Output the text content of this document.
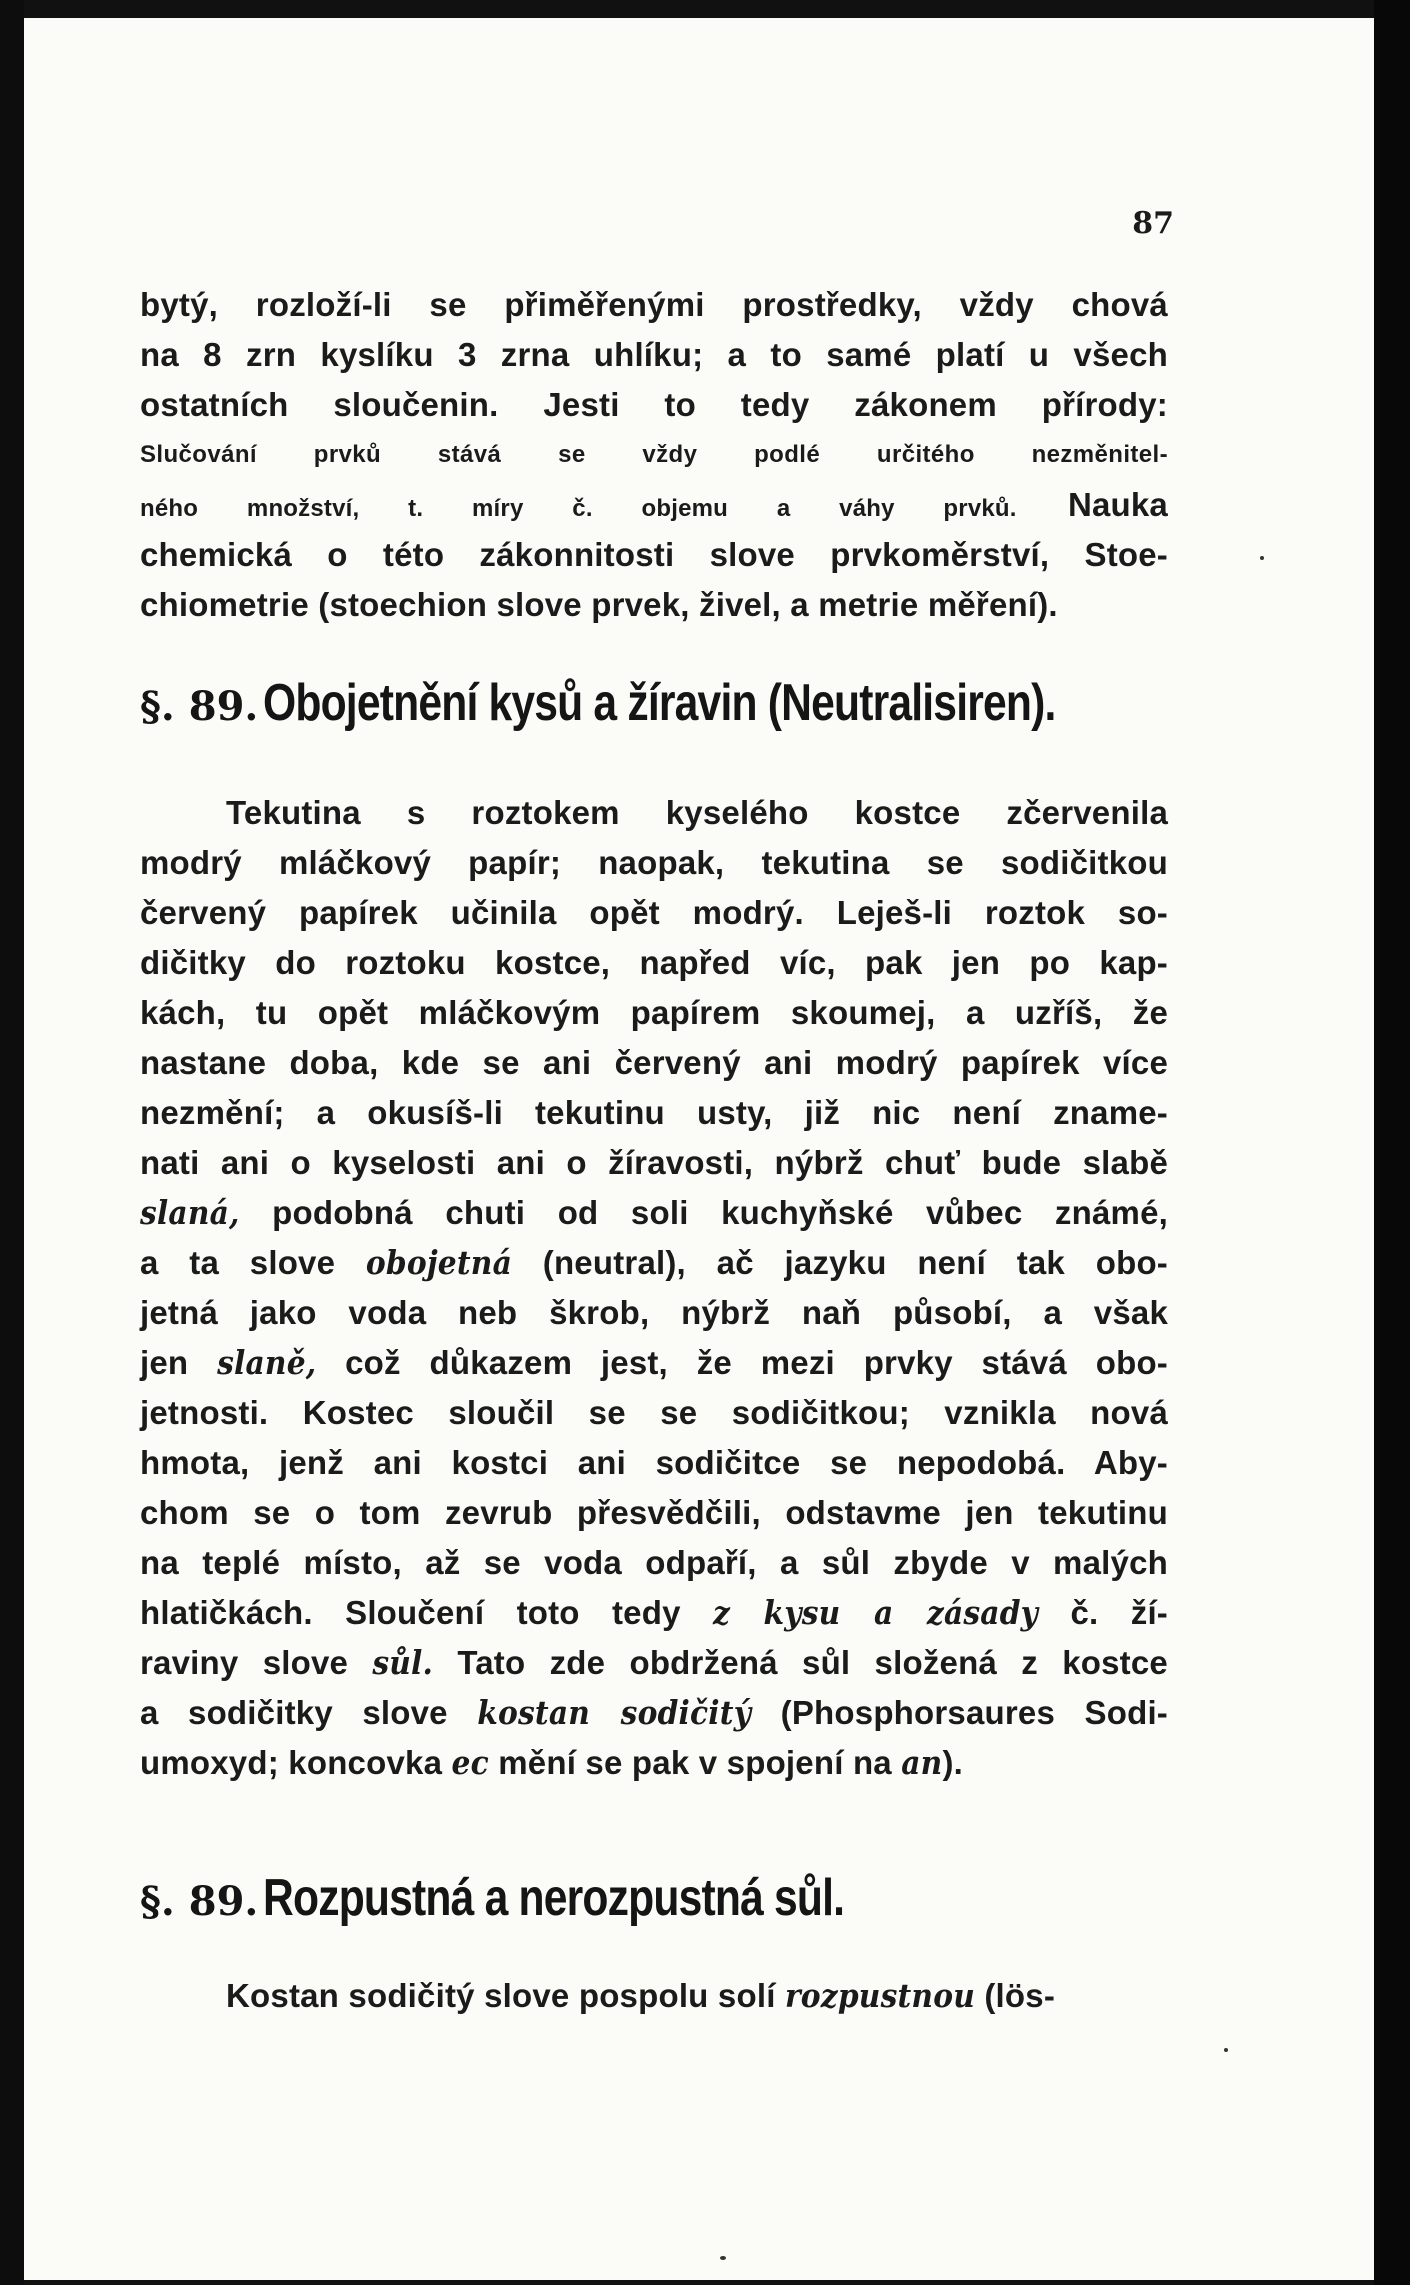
87
bytý, rozloží-li se přiměřenými prostředky, vždy chová
na 8 zrn kyslíku 3 zrna uhlíku; a to samé platí u všech
ostatních sloučenin. Jesti to tedy zákonem přírody:
Slučování prvků stává se vždy podlé určitého nezměnitel-
ného množství, t. míry č. objemu a váhy prvků. Nauka
chemická o této zákonnitosti slove prvkoměrství, Stoe-
chiometrie (stoechion slove prvek, živel, a metrie měření).
§. 89. Obojetnění kysů a žíravin (Neutralisiren).
Tekutina s roztokem kyselého kostce zčervenila
modrý mláčkový papír; naopak, tekutina se sodičitkou
červený papírek učinila opět modrý. Leješ-li roztok so-
dičitky do roztoku kostce, napřed víc, pak jen po kap-
kách, tu opět mláčkovým papírem skoumej, a uzříš, že
nastane doba, kde se ani červený ani modrý papírek více
nezmění; a okusíš-li tekutinu usty, již nic není zname-
nati ani o kyselosti ani o žíravosti, nýbrž chuť bude slabě
slaná, podobná chuti od soli kuchyňské vůbec známé,
a ta slove obojetná (neutral), ač jazyku není tak obo-
jetná jako voda neb škrob, nýbrž naň působí, a však
jen slaně, což důkazem jest, že mezi prvky stává obo-
jetnosti. Kostec sloučil se se sodičitkou; vznikla nová
hmota, jenž ani kostci ani sodičitce se nepodobá. Aby-
chom se o tom zevrub přesvědčili, odstavme jen tekutinu
na teplé místo, až se voda odpaří, a sůl zbyde v malých
hlatičkách. Sloučení toto tedy z kysu a zásady č. ží-
raviny slove sůl. Tato zde obdržená sůl složená z kostce
a sodičitky slove kostan sodičitý (Phosphorsaures Sodi-
umoxyd; koncovka ec mění se pak v spojení na an).
§. 89. Rozpustná a nerozpustná sůl.
Kostan sodičitý slove pospolu solí rozpustnou (lös-
